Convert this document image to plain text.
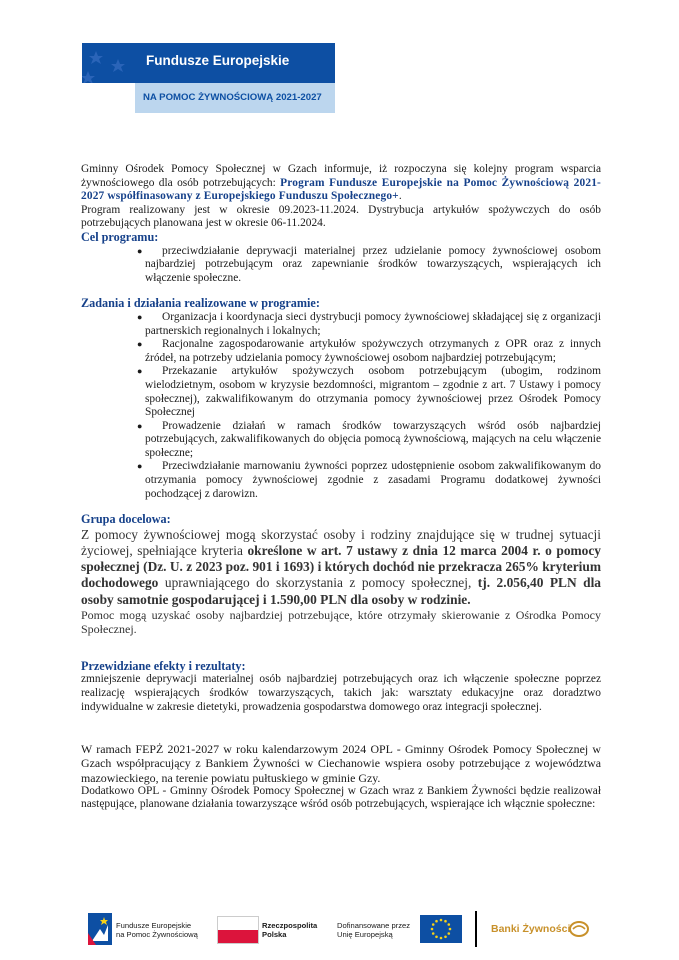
Fundusze Europejskie
NA POMOC ŻYWNOŚCIOWĄ 2021-2027
Gminny Ośrodek Pomocy Społecznej w Gzach informuje, iż rozpoczyna się kolejny program wsparcia żywnościowego dla osób potrzebujących: Program Fundusze Europejskie na Pomoc Żywnościową 2021-2027 współfinasowany z Europejskiego Funduszu Społecznego+.
Program realizowany jest w okresie 09.2023-11.2024. Dystrybucja artykułów spożywczych do osób potrzebujących planowana jest w okresie 06-11.2024.
Cel programu:
●	przeciwdziałanie deprywacji materialnej przez udzielanie pomocy żywnościowej osobom najbardziej potrzebującym oraz zapewnianie środków towarzyszących, wspierających ich włączenie społeczne.
Zadania i działania realizowane w programie:
●	Organizacja i koordynacja sieci dystrybucji pomocy żywnościowej składającej się z organizacji partnerskich regionalnych i lokalnych;
●	Racjonalne zagospodarowanie artykułów spożywczych otrzymanych z OPR oraz z innych źródeł, na potrzeby udzielania pomocy żywnościowej osobom najbardziej potrzebującym;
●	Przekazanie artykułów spożywczych osobom potrzebującym (ubogim, rodzinom wielodzietnym, osobom w kryzysie bezdomności, migrantom – zgodnie z art. 7 Ustawy i pomocy społecznej), zakwalifikowanym do otrzymania pomocy żywnościowej przez Ośrodek Pomocy Społecznej
●	Prowadzenie działań w ramach środków towarzyszących wśród osób najbardziej potrzebujących, zakwalifikowanych do objęcia pomocą żywnościową, mających na celu włączenie społeczne;
●	Przeciwdziałanie marnowaniu żywności poprzez udostępnienie osobom zakwalifikowanym do otrzymania pomocy żywnościowej zgodnie z zasadami Programu dodatkowej żywności pochodzącej z darowizn.
Grupa docelowa:
Z pomocy żywnościowej mogą skorzystać osoby i rodziny znajdujące się w trudnej sytuacji życiowej, spełniające kryteria określone w art. 7 ustawy z dnia 12 marca 2004 r. o pomocy społecznej (Dz. U. z 2023 poz. 901 i 1693) i których dochód nie przekracza 265% kryterium dochodowego uprawniającego do skorzystania z pomocy społecznej, tj. 2.056,40 PLN dla osoby samotnie gospodarującej i 1.590,00 PLN dla osoby w rodzinie.
Pomoc mogą uzyskać osoby najbardziej potrzebujące, które otrzymały skierowanie z Ośrodka Pomocy Społecznej.
Przewidziane efekty i rezultaty:
zmniejszenie deprywacji materialnej osób najbardziej potrzebujących oraz ich włączenie społeczne poprzez realizację wspierających środków towarzyszących, takich jak: warsztaty edukacyjne oraz doradztwo indywidualne w zakresie dietetyki, prowadzenia gospodarstwa domowego oraz integracji społecznej.
W ramach FEPŻ 2021-2027 w roku kalendarzowym 2024 OPL - Gminny Ośrodek Pomocy Społecznej w Gzach współpracujący z Bankiem Żywności w Ciechanowie wspiera osoby potrzebujące z województwa mazowieckiego, na terenie powiatu pułtuskiego w gminie Gzy.
Dodatkowo OPL - Gminny Ośrodek Pomocy Społecznej w Gzach wraz z Bankiem Żywności będzie realizował następujące, planowane działania towarzyszące wśród osób potrzebujących, wspierające ich włącznie społeczne:
Fundusze Europejskie
na Pomoc Żywnościową
Rzeczpospolita
Polska
Dofinansowane przez
Unię Europejską	Banki Żywności
